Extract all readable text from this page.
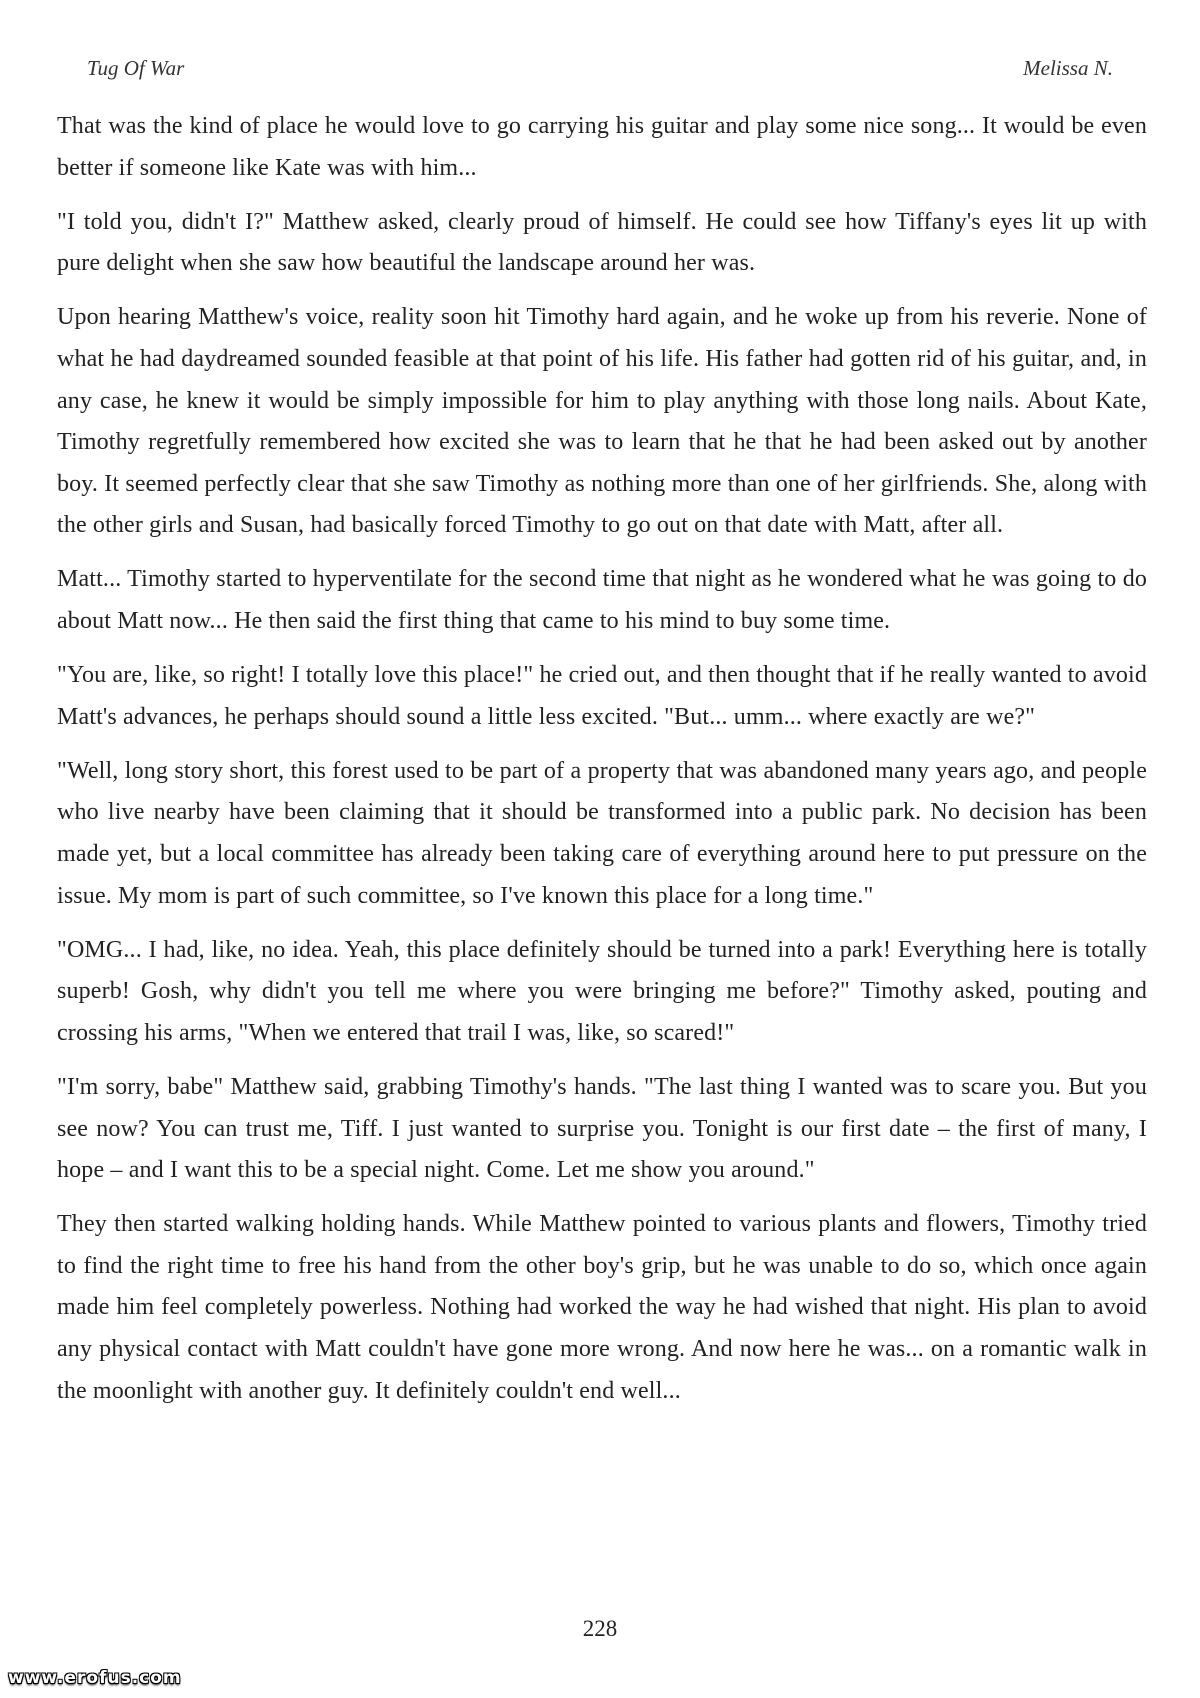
Tug Of War	Melissa N.

That was the kind of place he would love to go carrying his guitar and play some nice song... It would be even better if someone like Kate was with him...

"I told you, didn't I?" Matthew asked, clearly proud of himself. He could see how Tiffany's eyes lit up with pure delight when she saw how beautiful the landscape around her was.

Upon hearing Matthew's voice, reality soon hit Timothy hard again, and he woke up from his reverie. None of what he had daydreamed sounded feasible at that point of his life. His father had gotten rid of his guitar, and, in any case, he knew it would be simply impossible for him to play anything with those long nails. About Kate, Timothy regretfully remembered how excited she was to learn that he that he had been asked out by another boy. It seemed perfectly clear that she saw Timothy as nothing more than one of her girlfriends. She, along with the other girls and Susan, had basically forced Timothy to go out on that date with Matt, after all.

Matt... Timothy started to hyperventilate for the second time that night as he wondered what he was going to do about Matt now... He then said the first thing that came to his mind to buy some time.

"You are, like, so right! I totally love this place!" he cried out, and then thought that if he really wanted to avoid Matt's advances, he perhaps should sound a little less excited. "But... umm... where exactly are we?"

"Well, long story short, this forest used to be part of a property that was abandoned many years ago, and people who live nearby have been claiming that it should be transformed into a public park. No decision has been made yet, but a local committee has already been taking care of everything around here to put pressure on the issue. My mom is part of such committee, so I've known this place for a long time."

"OMG... I had, like, no idea. Yeah, this place definitely should be turned into a park! Everything here is totally superb! Gosh, why didn't you tell me where you were bringing me before?" Timothy asked, pouting and crossing his arms, "When we entered that trail I was, like, so scared!"

"I'm sorry, babe" Matthew said, grabbing Timothy's hands. "The last thing I wanted was to scare you. But you see now? You can trust me, Tiff. I just wanted to surprise you. Tonight is our first date – the first of many, I hope – and I want this to be a special night. Come. Let me show you around."

They then started walking holding hands. While Matthew pointed to various plants and flowers, Timothy tried to find the right time to free his hand from the other boy's grip, but he was unable to do so, which once again made him feel completely powerless. Nothing had worked the way he had wished that night. His plan to avoid any physical contact with Matt couldn't have gone more wrong. And now here he was... on a romantic walk in the moonlight with another guy. It definitely couldn't end well...

228
www.erofus.com
